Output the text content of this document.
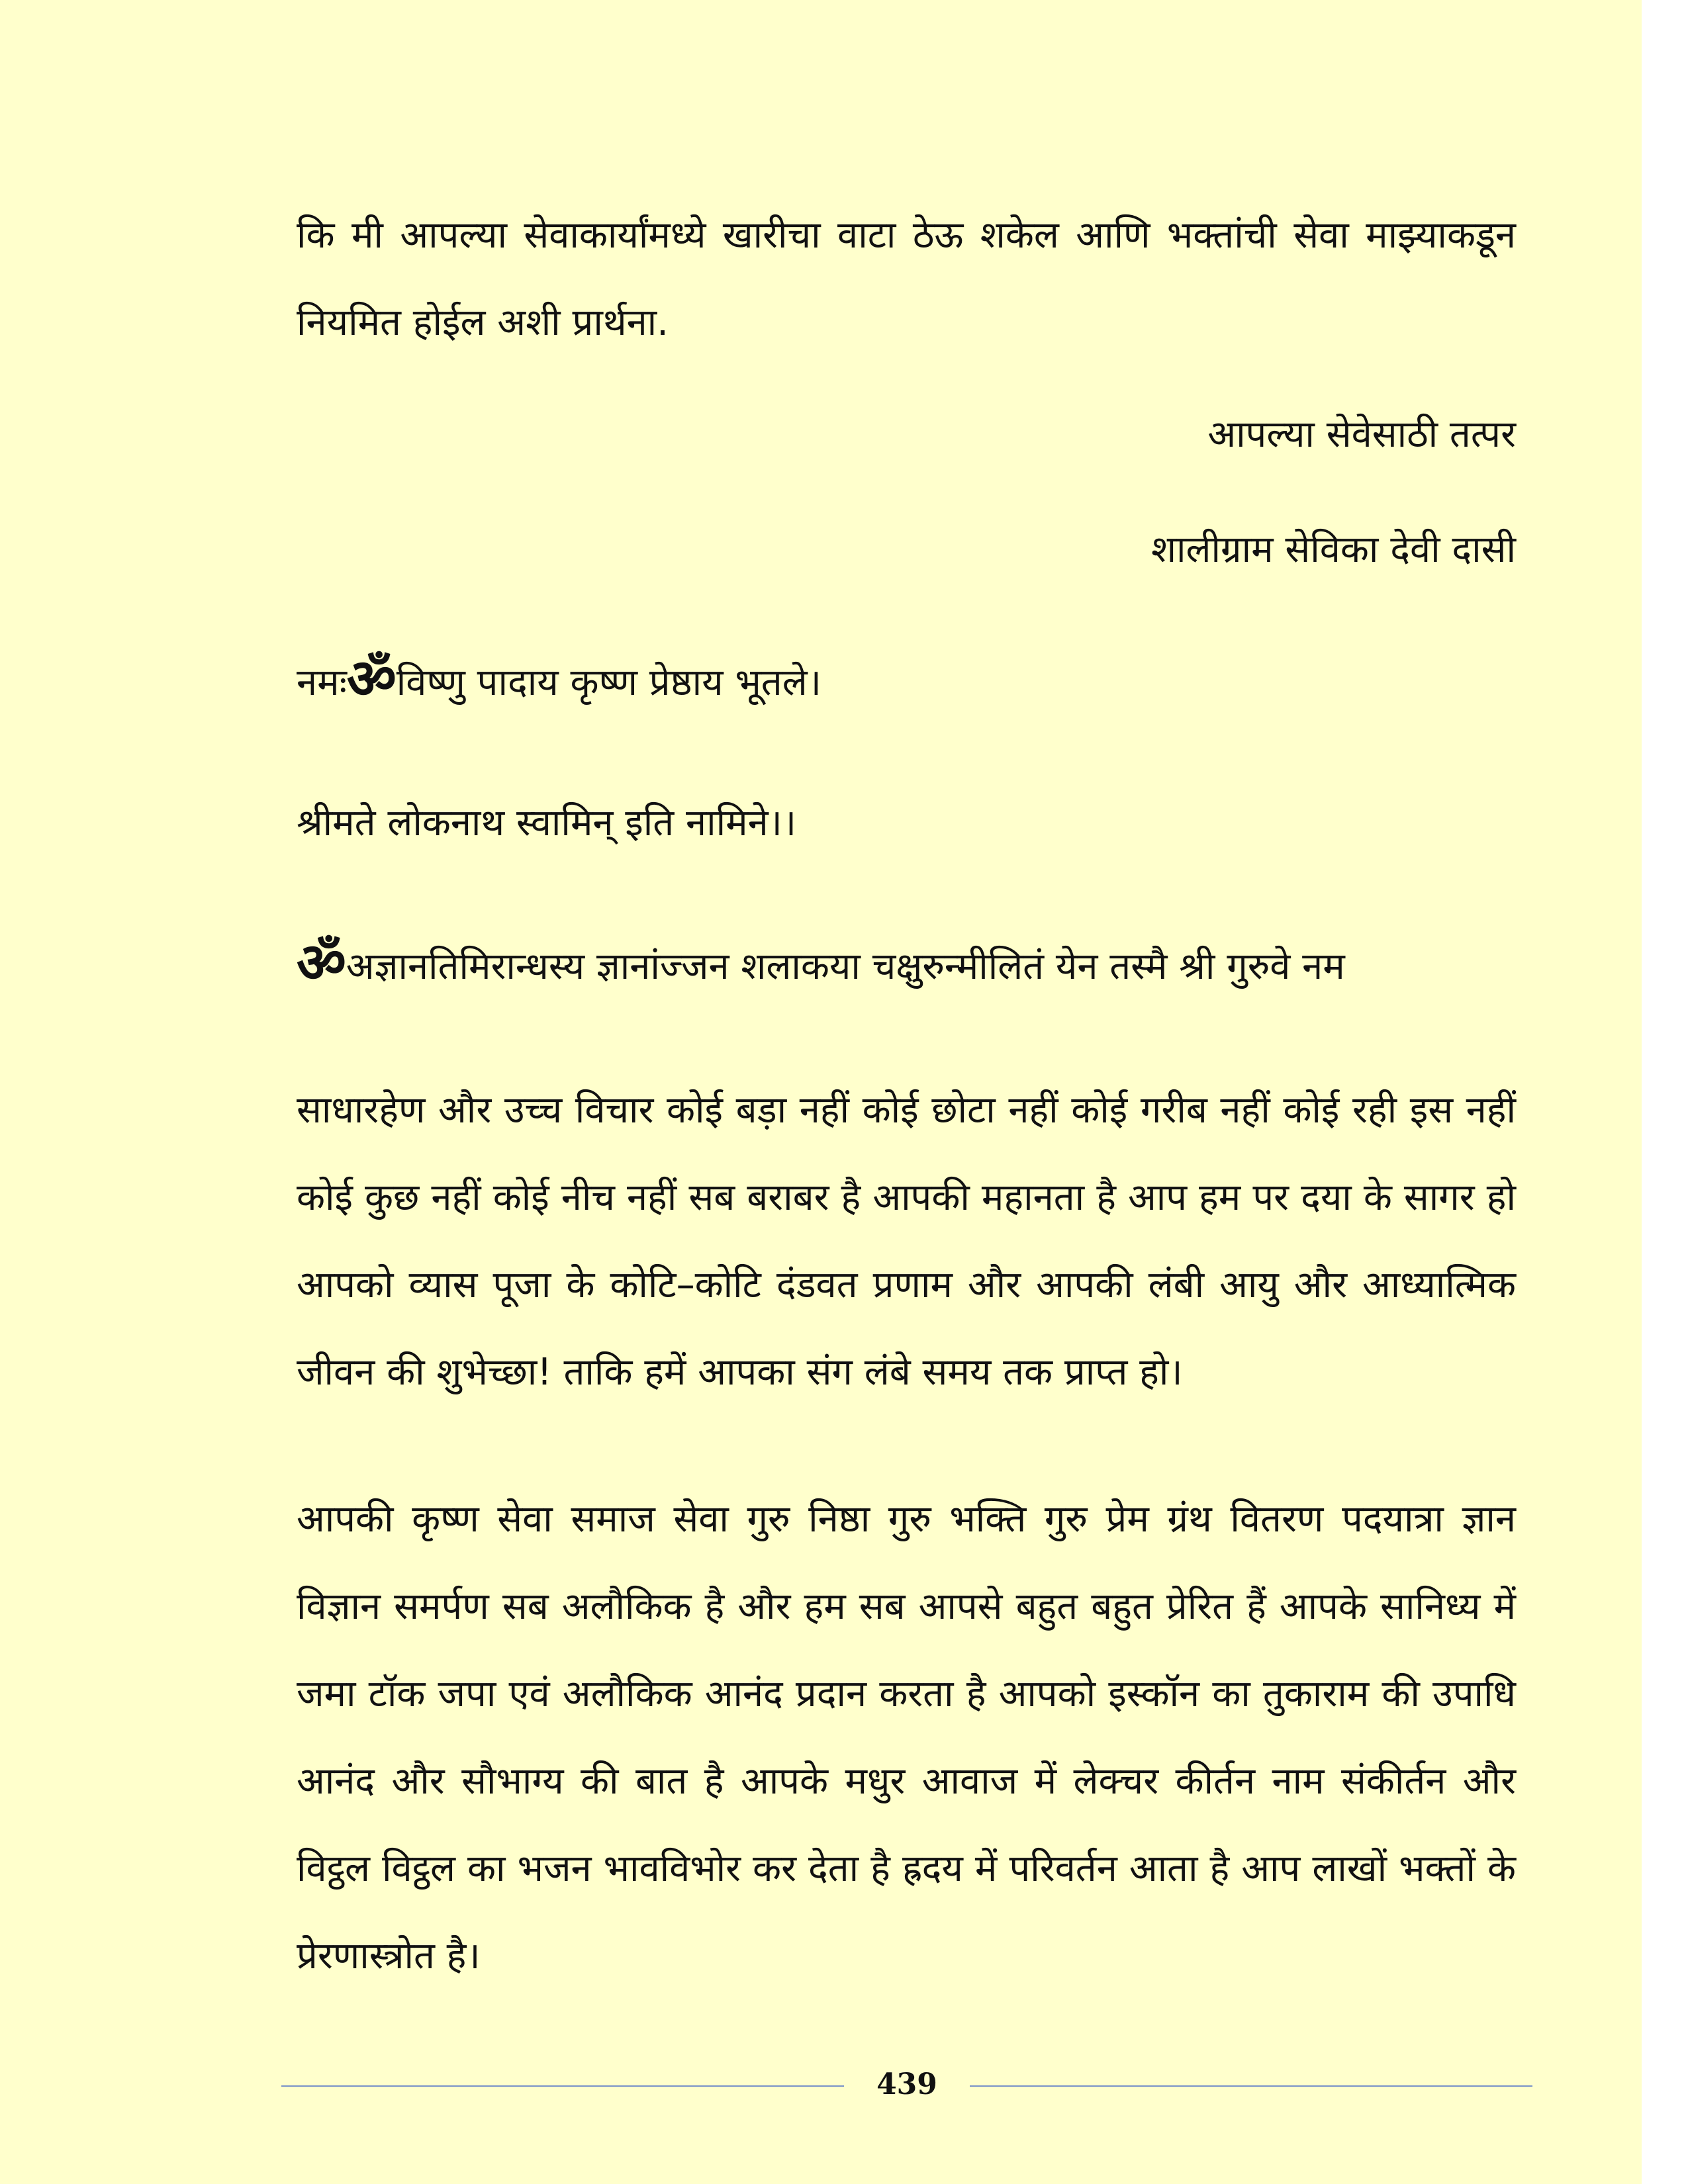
कि मी आपल्या सेवाकार्यांमध्ये खारीचा वाटा ठेऊ शकेल आणि भक्तांची सेवा माझ्याकडून नियमित होईल अशी प्रार्थना.

आपल्या सेवेसाठी तत्पर

शालीग्राम सेविका देवी दासी

नमःॐविष्णु पादाय कृष्ण प्रेष्ठाय भूतले।

श्रीमते लोकनाथ स्वामिन् इति नामिने।।

ॐअज्ञानतिमिरान्धस्य ज्ञानांज्जन शलाकया चक्षुरुन्मीलितं येन तस्मै श्री गुरुवे नम

साधारहेण और उच्च विचार कोई बड़ा नहीं कोई छोटा नहीं कोई गरीब नहीं कोई रही इस नहीं कोई कुछ नहीं कोई नीच नहीं सब बराबर है आपकी महानता है आप हम पर दया के सागर हो आपको व्यास पूजा के कोटि–कोटि दंडवत प्रणाम और आपकी लंबी आयु और आध्यात्मिक जीवन की शुभेच्छा! ताकि हमें आपका संग लंबे समय तक प्राप्त हो।

आपकी कृष्ण सेवा समाज सेवा गुरु निष्ठा गुरु भक्ति गुरु प्रेम ग्रंथ वितरण पदयात्रा ज्ञान विज्ञान समर्पण सब अलौकिक है और हम सब आपसे बहुत बहुत प्रेरित हैं आपके सानिध्य में जमा टॉक जपा एवं अलौकिक आनंद प्रदान करता है आपको इस्कॉन का तुकाराम की उपाधि आनंद और सौभाग्य की बात है आपके मधुर आवाज में लेक्चर कीर्तन नाम संकीर्तन और विट्ठल विट्ठल का भजन भावविभोर कर देता है ह्रदय में परिवर्तन आता है आप लाखों भक्तों के प्रेरणास्त्रोत है।

439
